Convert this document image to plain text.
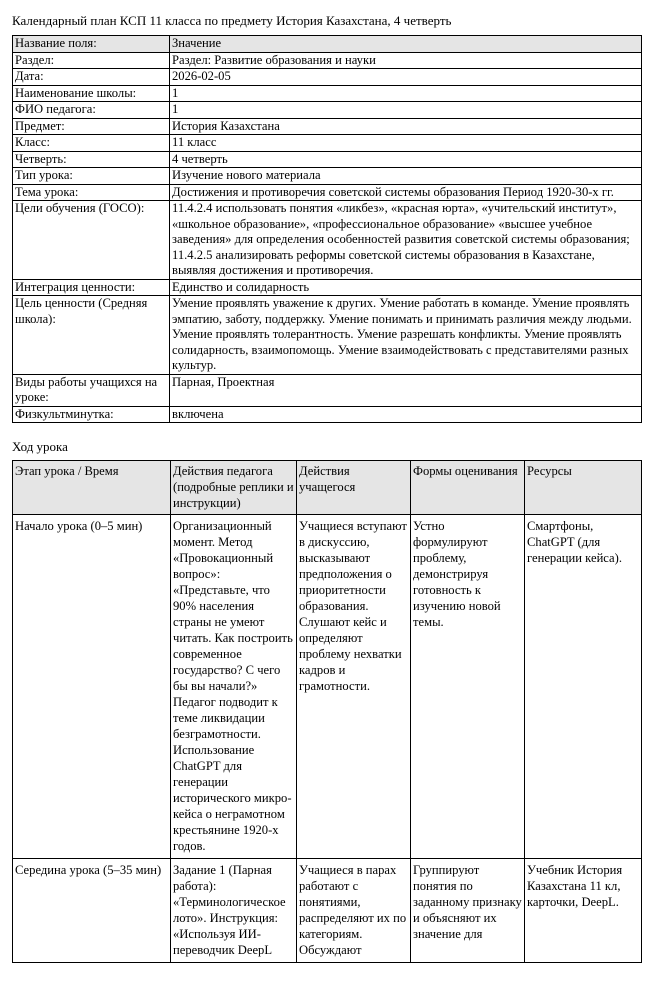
Календарный план КСП 11 класса по предмету История Казахстана, 4 четверть
Название поля:	Значение
Раздел:	Раздел: Развитие образования и науки
Дата:	2026-02-05
Наименование школы:	1
ФИО педагога:	1
Предмет:	История Казахстана
Класс:	11 класс
Четверть:	4 четверть
Тип урока:	Изучение нового материала
Тема урока:	Достижения и противоречия советской системы образования Период 1920-30-х гг.
Цели обучения (ГОСО):	11.4.2.4 использовать понятия «ликбез», «красная юрта», «учительский институт», «школьное образование», «профессиональное образование» «высшее учебное заведения» для определения особенностей развития советской системы образования; 11.4.2.5 анализировать реформы советской системы образования в Казахстане, выявляя достижения и противоречия.
Интеграция ценности:	Единство и солидарность
Цель ценности (Средняя школа):	Умение проявлять уважение к других. Умение работать в команде. Умение проявлять эмпатию, заботу, поддержку. Умение понимать и принимать различия между людьми. Умение проявлять толерантность. Умение разрешать конфликты. Умение проявлять солидарность, взаимопомощь. Умение взаимодействовать с представителями разных культур.
Виды работы учащихся на уроке:	Парная, Проектная
Физкультминутка:	включена
Ход урока
Этап урока / Время	Действия педагога (подробные реплики и инструкции)	Действия учащегося	Формы оценивания	Ресурсы
Начало урока (0–5 мин)	Организационный момент. Метод «Провокационный вопрос»: «Представьте, что 90% населения страны не умеют читать. Как построить современное государство? С чего бы вы начали?» Педагог подводит к теме ликвидации безграмотности. Использование ChatGPT для генерации исторического микро-кейса о неграмотном крестьянине 1920-х годов.	Учащиеся вступают в дискуссию, высказывают предположения о приоритетности образования. Слушают кейс и определяют проблему нехватки кадров и грамотности.	Устно формулируют проблему, демонстрируя готовность к изучению новой темы.	Смартфоны, ChatGPT (для генерации кейса).
Середина урока (5–35 мин)	Задание 1 (Парная работа): «Терминологическое лото». Инструкция: «Используя ИИ-переводчик DeepL	Учащиеся в парах работают с понятиями, распределяют их по категориям. Обсуждают	Группируют понятия по заданному признаку и объясняют их значение для	Учебник История Казахстана 11 кл, карточки, DeepL.
